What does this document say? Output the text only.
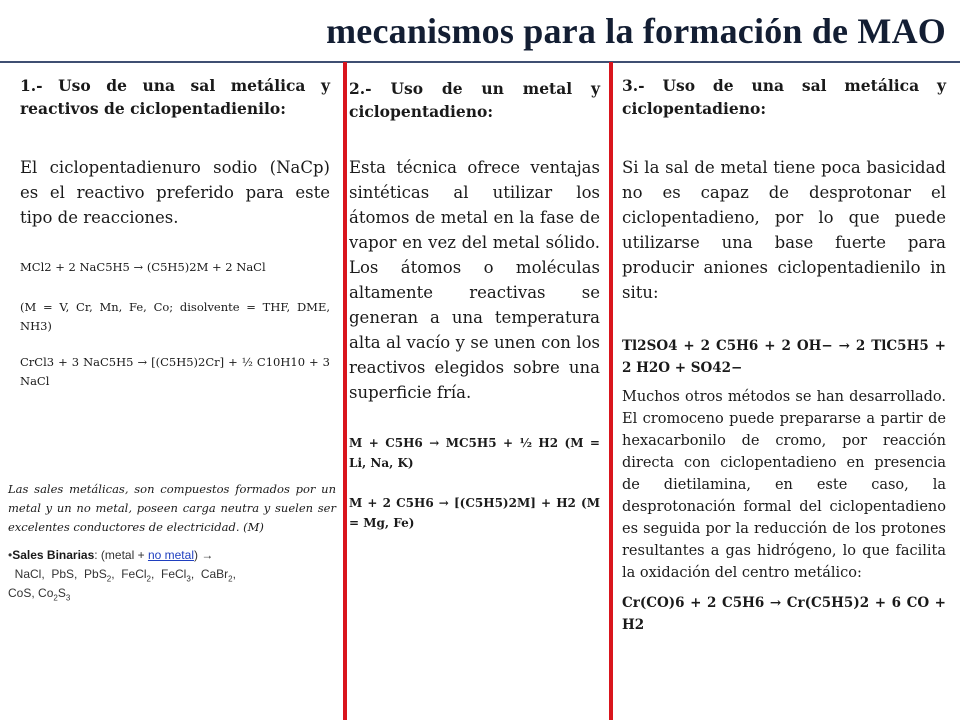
mecanismos para la formación de MAO

1.- Uso de una sal metálica y reactivos de ciclopentadienilo:

El ciclopentadienuro sodio (NaCp) es el reactivo preferido para este tipo de reacciones.

MCl2 + 2 NaC5H5 → (C5H5)2M + 2 NaCl

(M = V, Cr, Mn, Fe, Co; disolvente = THF, DME, NH3)

CrCl3 + 3 NaC5H5 → [(C5H5)2Cr] + ½ C10H10 + 3 NaCl

Las sales metálicas, son compuestos formados por un metal y un no metal, poseen carga neutra y suelen ser excelentes conductores de electricidad. (M)

•Sales Binarias: (metal + no metal) →
NaCl, PbS, PbS$_2$, FeCl$_2$, FeCl$_3$, CaBr$_2$,
CoS, $Co_2S_3$

2.- Uso de un metal y ciclopentadieno:

Esta técnica ofrece ventajas sintéticas al utilizar los átomos de metal en la fase de vapor en vez del metal sólido. Los átomos o moléculas altamente reactivas se generan a una temperatura alta al vacío y se unen con los reactivos elegidos sobre una superficie fría.

M + C5H6 → MC5H5 + ½ H2 (M = Li, Na, K)

M + 2 C5H6 → [(C5H5)2M] + H2 (M = Mg, Fe)

3.- Uso de una sal metálica y ciclopentadieno:

Si la sal de metal tiene poca basicidad no es capaz de desprotonar el ciclopentadieno, por lo que puede utilizarse una base fuerte para producir aniones ciclopentadienilo in situ:

Tl2SO4 + 2 C5H6 + 2 OH− → 2 TlC5H5 + 2 H2O + SO42−

Muchos otros métodos se han desarrollado. El cromoceno puede prepararse a partir de hexacarbonilo de cromo, por reacción directa con ciclopentadieno en presencia de dietilamina, en este caso, la desprotonación formal del ciclopentadieno es seguida por la reducción de los protones resultantes a gas hidrógeno, lo que facilita la oxidación del centro metálico:

Cr(CO)6 + 2 C5H6 → Cr(C5H5)2 + 6 CO + H2
